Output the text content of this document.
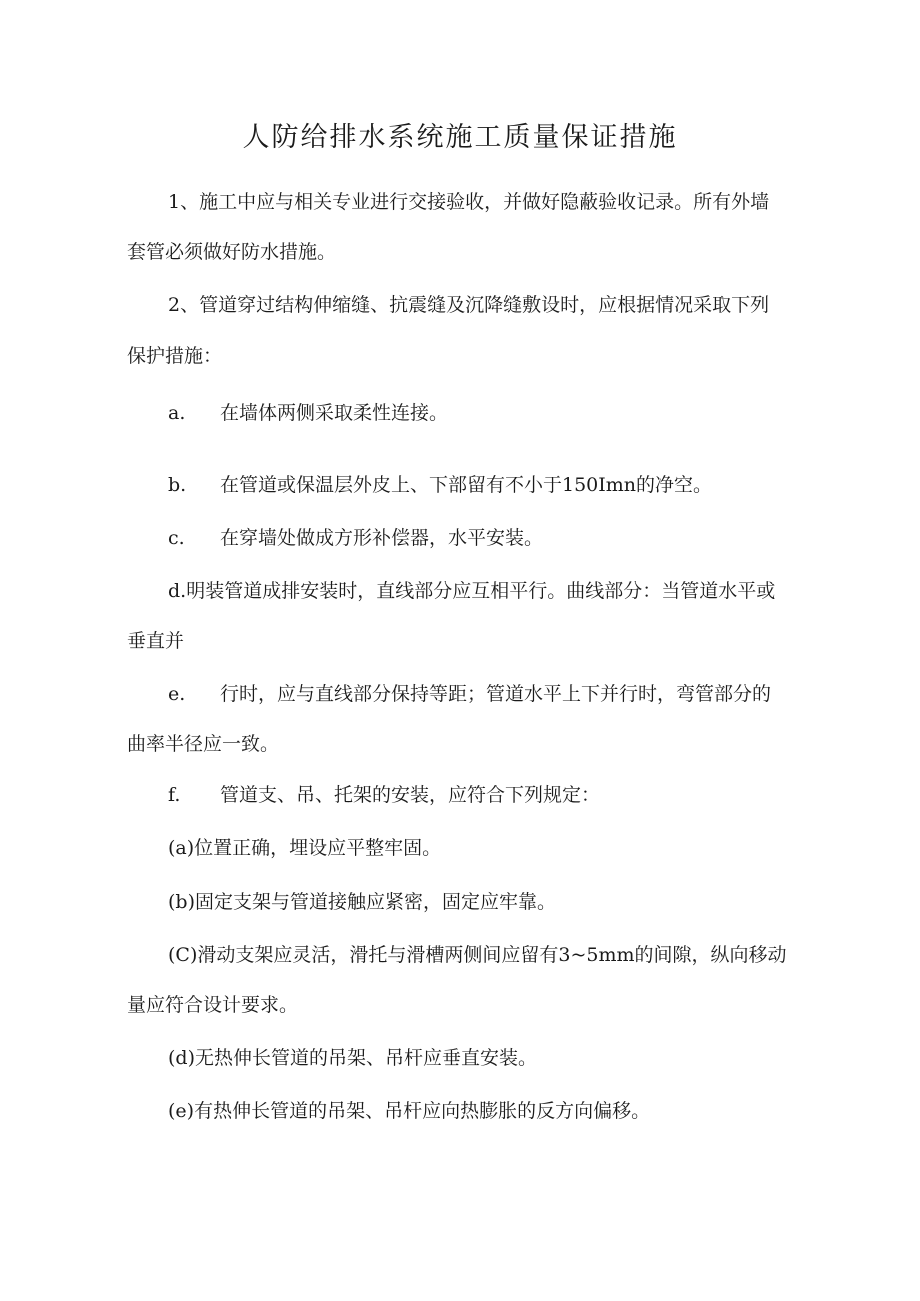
人防给排水系统施工质量保证措施
1、施工中应与相关专业进行交接验收，并做好隐蔽验收记录。所有外墙
套管必须做好防水措施。
2、管道穿过结构伸缩缝、抗震缝及沉降缝敷设时，应根据情况采取下列
保护措施：
a. 在墙体两侧采取柔性连接。
b. 在管道或保温层外皮上、下部留有不小于150Imn的净空。
c. 在穿墙处做成方形补偿器，水平安装。
d.明装管道成排安装时，直线部分应互相平行。曲线部分：当管道水平或
垂直并
e. 行时，应与直线部分保持等距；管道水平上下并行时，弯管部分的
曲率半径应一致。
f. 管道支、吊、托架的安装，应符合下列规定：
(a)位置正确，埋设应平整牢固。
(b)固定支架与管道接触应紧密，固定应牢靠。
(C)滑动支架应灵活，滑托与滑槽两侧间应留有3~5mm的间隙，纵向移动
量应符合设计要求。
(d)无热伸长管道的吊架、吊杆应垂直安装。
(e)有热伸长管道的吊架、吊杆应向热膨胀的反方向偏移。
